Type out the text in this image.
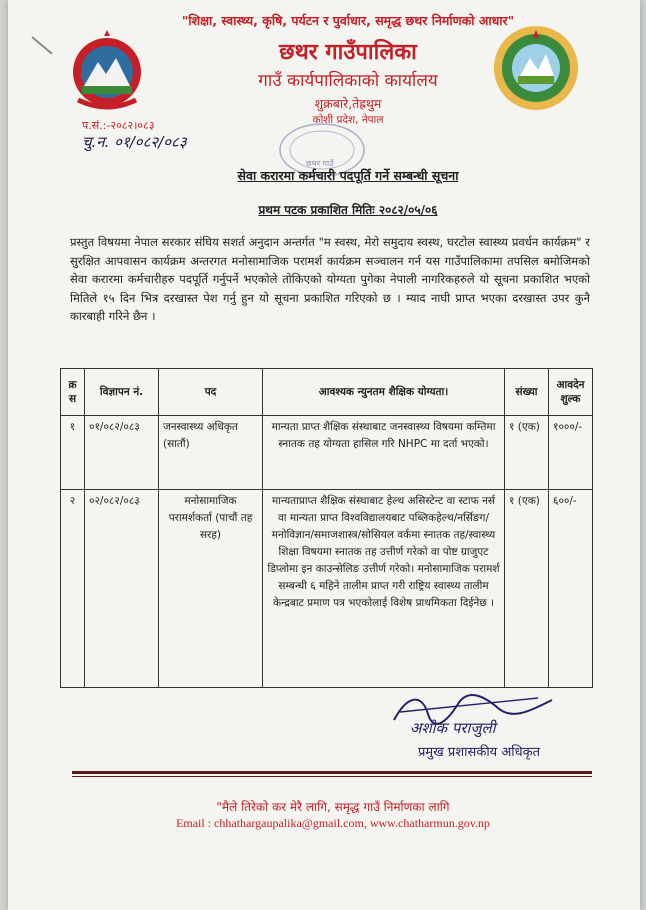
"शिक्षा, स्वास्थ्य, कृषि, पर्यटन र पुर्वाधार, समृद्ध छथर निर्माणको आधार"
छथर गाउँपालिका
गाउँ कार्यपालिकाको कार्यालय
शुक्रबारे,तेह्रथुम
कोशी प्रदेश, नेपाल
प.सं.:-२०८२।०८३
चु.न. ०१/०८२/०८३
छथर गाउँ
सेवा करारमा कर्मचारी पदपूर्ति गर्ने सम्बन्धी सूचना
प्रथम पटक प्रकाशित मितिः २०८२/०५/०६
प्रस्तुत विषयमा नेपाल सरकार संघिय सशर्त अनुदान अन्तर्गत "म स्वस्थ, मेरो समुदाय स्वस्थ, घरटोल स्वास्थ्य प्रवर्धन कार्यक्रम" र सुरक्षित आपवासन कार्यक्रम अन्तरगत मनोसामाजिक परामर्श कार्यक्रम सञ्चालन गर्न यस गाउँपालिकामा तपसिल बमोजिमको सेवा करारमा कर्मचारीहरु पदपूर्ति गर्नुपर्ने भएकोले तोकिएको योग्यता पुगेका नेपाली नागरिकहरुले यो सूचना प्रकाशित भएको मितिले १५ दिन भित्र दरखास्त पेश गर्नु हुन यो सूचना प्रकाशित गरिएको छ । म्याद नाघी प्राप्त भएका दरखास्त उपर कुनै कारबाही गरिने छैन ।
क्र स	विज्ञापन नं.	पद	आवश्यक न्युनतम शैक्षिक योग्यता।	संख्या	आवदेन शुल्क
१	०१/०८२/०८३	जनस्वास्थ्य अधिकृत (सातौं)	मान्यता प्राप्त शैक्षिक संस्थाबाट जनस्वास्थ्य विषयमा कम्तिमा स्नातक तह योग्यता हासिल गरि NHPC मा दर्ता भएको।	१ (एक)	१०००/-
२	०२/०८२/०८३	मनोसामाजिक परामर्शकर्ता (पाचौं तह सरह)	मान्यताप्राप्त शैक्षिक संस्थाबाट हेल्थ असिस्टेन्ट वा स्टाफ नर्स वा मान्यता प्राप्त विश्वविद्यालयबाट पब्लिकहेल्थ/नर्सिङग/मनोविज्ञान/समाजशास्त्र/सोसियल वर्कमा स्नातक तह/स्वास्थ्य शिक्षा विषयमा स्नातक तह उत्तीर्ण गरेको वा पोष्ट ग्राजुएट डिप्लोमा इन काउन्सेलिङ उत्तीर्ण गरेको। मनोसामाजिक परामर्श सम्बन्धी ६ महिने तालीम प्राप्त गरी राष्ट्रिय स्वास्थ्य तालीम केन्द्रबाट प्रमाण पत्र भएकोलाई विशेष प्राथमिकता दिईनेछ ।	१ (एक)	६००/-
अशोक पराजुली
प्रमुख प्रशासकीय अधिकृत
"मैले तिरेको कर मेरै लागि, समृद्ध गाउँ निर्माणका लागि
Email : chhathargaupalika@gmail.com, www.chatharmun.gov.np
